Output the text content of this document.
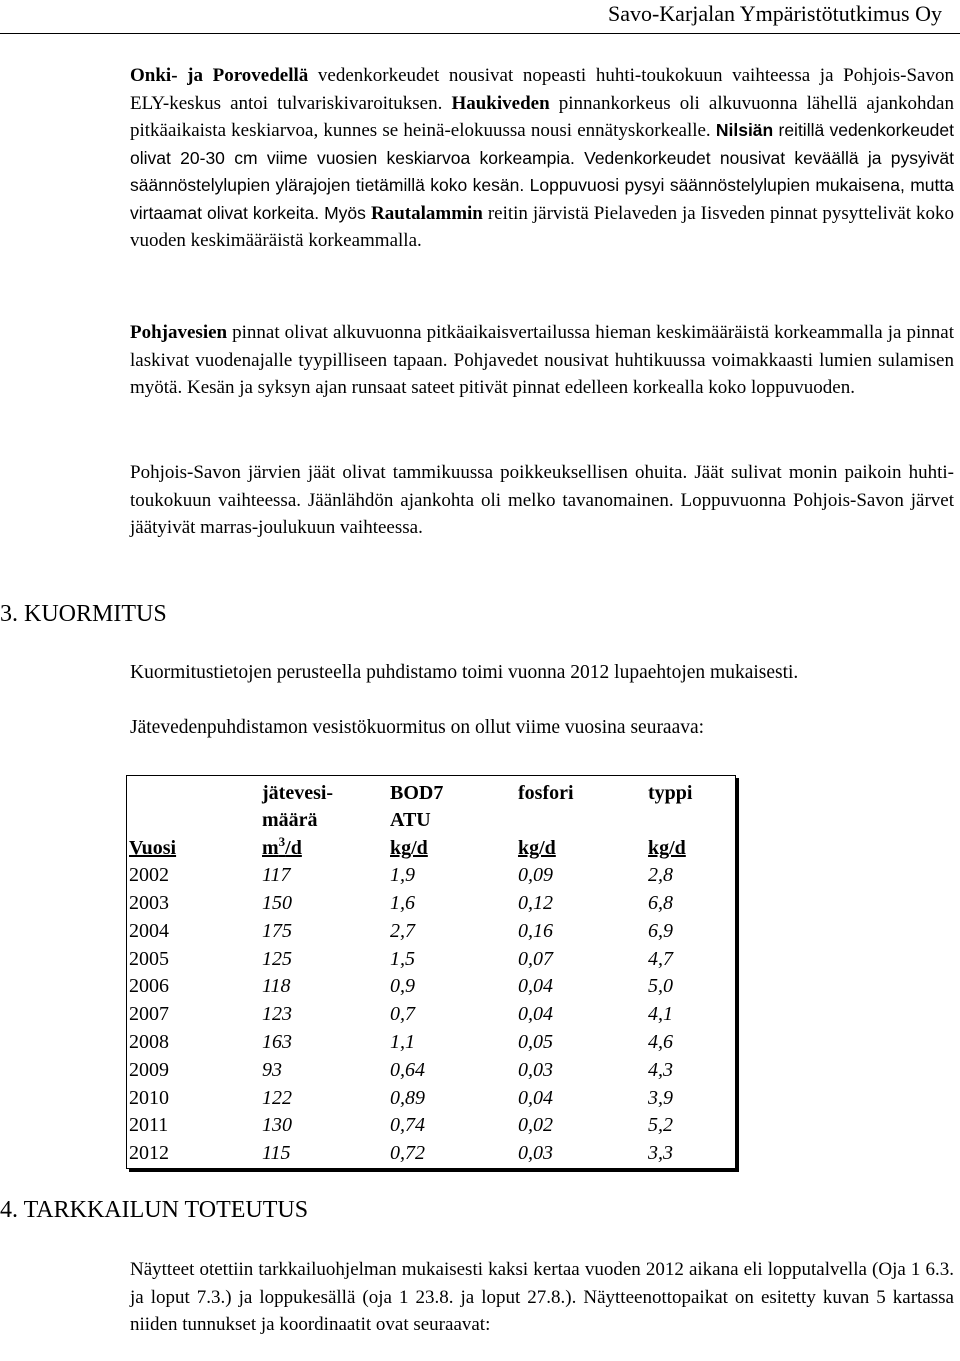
Savo-Karjalan Ympäristötutkimus Oy

Onki- ja Porovedellä vedenkorkeudet nousivat nopeasti huhti-toukokuun vaihteessa ja Pohjois-Savon ELY-keskus antoi tulvariskivaroituksen. Haukiveden pinnankorkeus oli alkuvuonna lähellä ajankohdan pitkäaikaista keskiarvoa, kunnes se heinä-elokuussa nousi ennätyskorkealle. Nilsiän reitillä vedenkorkeudet olivat 20-30 cm viime vuosien keskiarvoa korkeampia. Vedenkorkeudet nousivat keväällä ja pysyivät säännöstelylupien ylärajojen tietämillä koko kesän. Loppuvuosi pysyi säännöstelylupien mukaisena, mutta virtaamat olivat korkeita. Myös Rautalammin reitin järvistä Pielaveden ja Iisveden pinnat pysyttelivät koko vuoden keskimääräistä korkeammalla.

Pohjavesien pinnat olivat alkuvuonna pitkäaikaisvertailussa hieman keskimääräistä korkeammalla ja pinnat laskivat vuodenajalle tyypilliseen tapaan. Pohjavedet nousivat huhtikuussa voimakkaasti lumien sulamisen myötä. Kesän ja syksyn ajan runsaat sateet pitivät pinnat edelleen korkealla koko loppuvuoden.

Pohjois-Savon järvien jäät olivat tammikuussa poikkeuksellisen ohuita. Jäät sulivat monin paikoin huhti- toukokuun vaihteessa. Jäänlähdön ajankohta oli melko tavanomainen. Loppuvuonna Pohjois-Savon järvet jäätyivät marras-joulukuun vaihteessa.

3. KUORMITUS

Kuormitustietojen perusteella puhdistamo toimi vuonna 2012 lupaehtojen mukaisesti.

Jätevedenpuhdistamon vesistökuormitus on ollut viime vuosina seuraava:

	jätevesi-	BOD7	fosfori	typpi
	määrä	ATU		
Vuosi	$m^3/d$	kg/d	kg/d	kg/d
2002	117	1,9	0,09	2,8
2003	150	1,6	0,12	6,8
2004	175	2,7	0,16	6,9
2005	125	1,5	0,07	4,7
2006	118	0,9	0,04	5,0
2007	123	0,7	0,04	4,1
2008	163	1,1	0,05	4,6
2009	93	0,64	0,03	4,3
2010	122	0,89	0,04	3,9
2011	130	0,74	0,02	5,2
2012	115	0,72	0,03	3,3
4. TARKKAILUN TOTEUTUS

Näytteet otettiin tarkkailuohjelman mukaisesti kaksi kertaa vuoden 2012 aikana eli lopputalvella (Oja 1 6.3. ja loput 7.3.) ja loppukesällä (oja 1 23.8. ja loput 27.8.). Näytteenottopaikat on esitetty kuvan 5 kartassa niiden tunnukset ja koordinaatit ovat seuraavat:
